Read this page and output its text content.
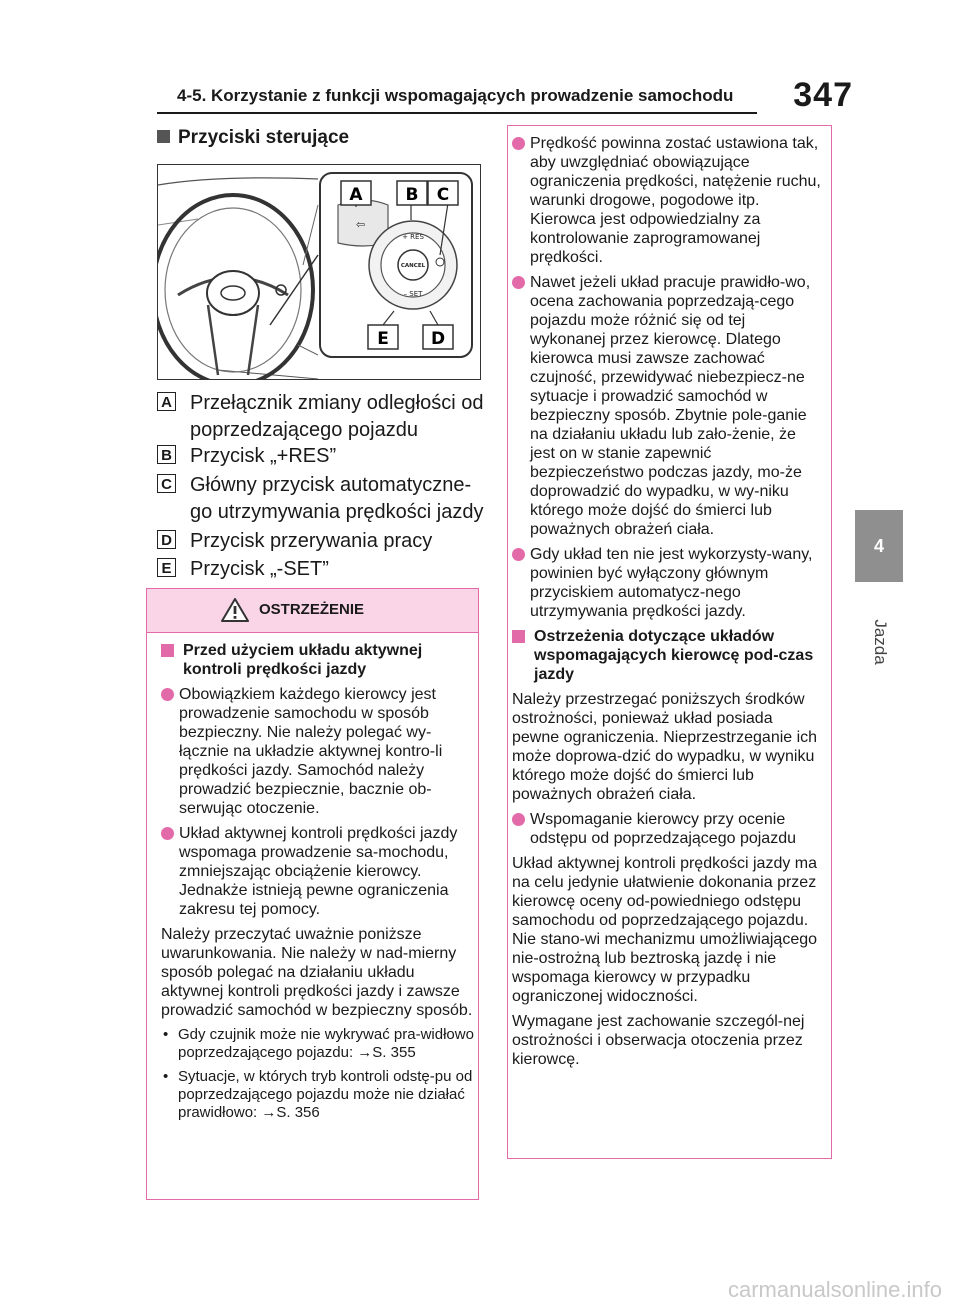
4-5. Korzystanie z funkcji wspomagających prowadzenie samochodu 347
4
Jazda
Przyciski sterujące
⇦
+ RES
CANCEL
– SET
A	B C
E D
A Przełącznik zmiany odległości od poprzedzającego pojazdu
B Przycisk „+RES”
C Główny przycisk automatyczne-go utrzymywania prędkości jazdy
D Przycisk przerywania pracy
E Przycisk „-SET”
OSTRZEŻENIE
Przed użyciem układu aktywnej kontroli prędkości jazdy
Obowiązkiem każdego kierowcy jest prowadzenie samochodu w sposób bezpieczny. Nie należy polegać wy-łącznie na układzie aktywnej kontro-li prędkości jazdy. Samochód należy prowadzić bezpiecznie, bacznie ob-serwując otoczenie.
Układ aktywnej kontroli prędkości jazdy wspomaga prowadzenie sa-mochodu, zmniejszając obciążenie kierowcy. Jednakże istnieją pewne ograniczenia zakresu tej pomocy.

Należy przeczytać uważnie poniższe uwarunkowania. Nie należy w nad-mierny sposób polegać na działaniu układu aktywnej kontroli prędkości jazdy i zawsze prowadzić samochód w bezpieczny sposób.

• Gdy czujnik może nie wykrywać pra-widłowo poprzedzającego pojazdu: →S. 355
• Sytuacje, w których tryb kontroli odstę-pu od poprzedzającego pojazdu może nie działać prawidłowo: →S. 356
Prędkość powinna zostać ustawiona tak, aby uwzględniać obowiązujące ograniczenia prędkości, natężenie ruchu, warunki drogowe, pogodowe itp. Kierowca jest odpowiedzialny za kontrolowanie zaprogramowanej prędkości.
Nawet jeżeli układ pracuje prawidło-wo, ocena zachowania poprzedzają-cego pojazdu może różnić się od tej wykonanej przez kierowcę. Dlatego kierowca musi zawsze zachować czujność, przewidywać niebezpiecz-ne sytuacje i prowadzić samochód w bezpieczny sposób. Zbytnie pole-ganie na działaniu układu lub zało-żenie, że jest on w stanie zapewnić bezpieczeństwo podczas jazdy, mo-że doprowadzić do wypadku, w wy-niku którego może dojść do śmierci lub poważnych obrażeń ciała.
Gdy układ ten nie jest wykorzysty-wany, powinien być wyłączony głównym przyciskiem automatycz-nego utrzymywania prędkości jazdy.
Ostrzeżenia dotyczące układów wspomagających kierowcę pod-czas jazdy

Należy przestrzegać poniższych środków ostrożności, ponieważ układ posiada pewne ograniczenia. Nieprzestrzeganie ich może doprowa-dzić do wypadku, w wyniku którego może dojść do śmierci lub poważnych obrażeń ciała.

Wspomaganie kierowcy przy ocenie odstępu od poprzedzającego pojazdu

Układ aktywnej kontroli prędkości jazdy ma na celu jedynie ułatwienie dokonania przez kierowcę oceny od-powiedniego odstępu samochodu od poprzedzającego pojazdu. Nie stano-wi mechanizmu umożliwiającego nie-ostrożną lub beztroską jazdę i nie wspomaga kierowcy w przypadku ograniczonej widoczności.

Wymagane jest zachowanie szczegól-nej ostrożności i obserwacja otoczenia przez kierowcę.

carmanualsonline.info
